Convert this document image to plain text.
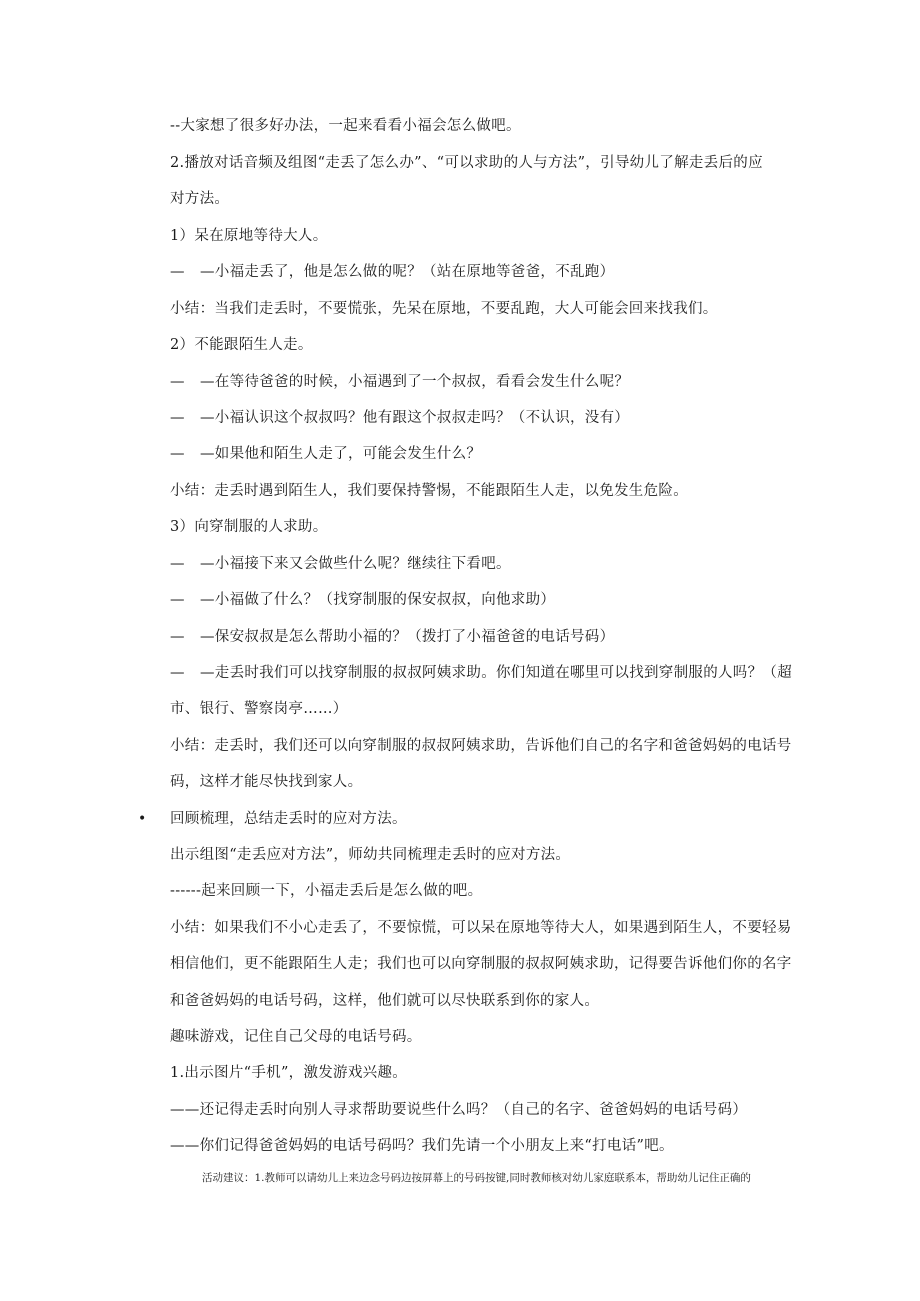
--大家想了很多好办法，一起来看看小福会怎么做吧。
2.播放对话音频及组图“走丢了怎么办”、“可以求助的人与方法”，引导幼儿了解走丢后的应
对方法。
1）呆在原地等待大人。
— —小福走丢了，他是怎么做的呢？（站在原地等爸爸，不乱跑）
小结：当我们走丢时，不要慌张，先呆在原地，不要乱跑，大人可能会回来找我们。
2）不能跟陌生人走。
— —在等待爸爸的时候，小福遇到了一个叔叔，看看会发生什么呢？
— —小福认识这个叔叔吗？他有跟这个叔叔走吗？（不认识，没有）
— —如果他和陌生人走了，可能会发生什么？
小结：走丢时遇到陌生人，我们要保持警惕，不能跟陌生人走，以免发生危险。
3）向穿制服的人求助。
— —小福接下来又会做些什么呢？继续往下看吧。
— —小福做了什么？（找穿制服的保安叔叔，向他求助）
— —保安叔叔是怎么帮助小福的？（拨打了小福爸爸的电话号码）
— —走丢时我们可以找穿制服的叔叔阿姨求助。你们知道在哪里可以找到穿制服的人吗？（超
市、银行、警察岗亭……）
小结：走丢时，我们还可以向穿制服的叔叔阿姨求助，告诉他们自己的名字和爸爸妈妈的电话号
码，这样才能尽快找到家人。
• 回顾梳理，总结走丢时的应对方法。
出示组图“走丢应对方法”，师幼共同梳理走丢时的应对方法。
------起来回顾一下，小福走丢后是怎么做的吧。
小结：如果我们不小心走丢了，不要惊慌，可以呆在原地等待大人，如果遇到陌生人，不要轻易
相信他们，更不能跟陌生人走；我们也可以向穿制服的叔叔阿姨求助，记得要告诉他们你的名字
和爸爸妈妈的电话号码，这样，他们就可以尽快联系到你的家人。
趣味游戏，记住自己父母的电话号码。
1.出示图片“手机”，激发游戏兴趣。
——还记得走丢时向别人寻求帮助要说些什么吗？（自己的名字、爸爸妈妈的电话号码）
——你们记得爸爸妈妈的电话号码吗？我们先请一个小朋友上来“打电话”吧。
活动建议：1.教师可以请幼儿上来边念号码边按屏幕上的号码按键,同时教师核对幼儿家庭联系本，帮助幼儿记住正确的
